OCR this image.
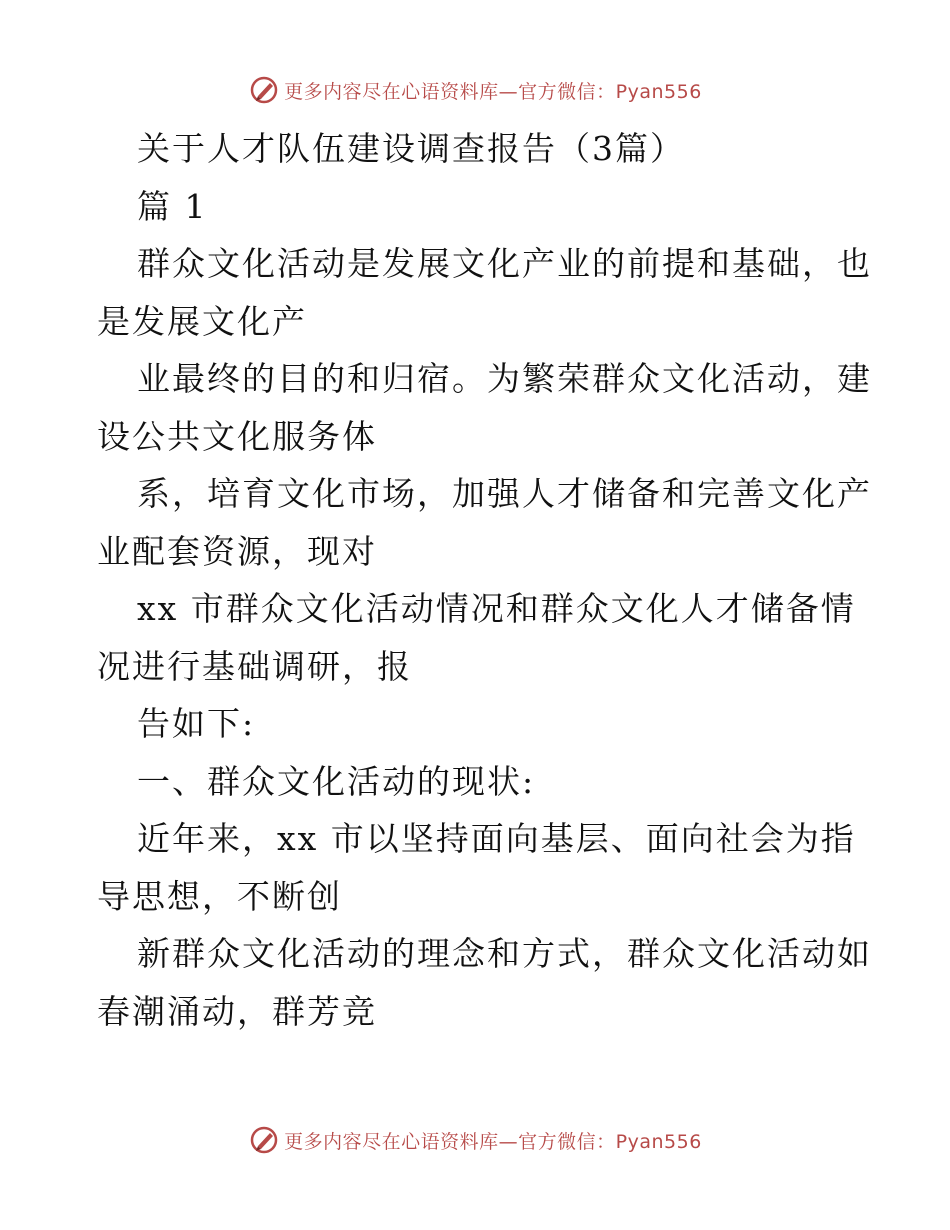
更多内容尽在心语资料库—官方微信：Pyan556
关于人才队伍建设调查报告（3篇）
篇 1
群众文化活动是发展文化产业的前提和基础，也
是发展文化产
业最终的目的和归宿。为繁荣群众文化活动，建
设公共文化服务体
系，培育文化市场，加强人才储备和完善文化产
业配套资源，现对
xx 市群众文化活动情况和群众文化人才储备情
况进行基础调研，报
告如下:
一、群众文化活动的现状:
近年来，xx 市以坚持面向基层、面向社会为指
导思想，不断创
新群众文化活动的理念和方式，群众文化活动如
春潮涌动，群芳竞
更多内容尽在心语资料库—官方微信：Pyan556
